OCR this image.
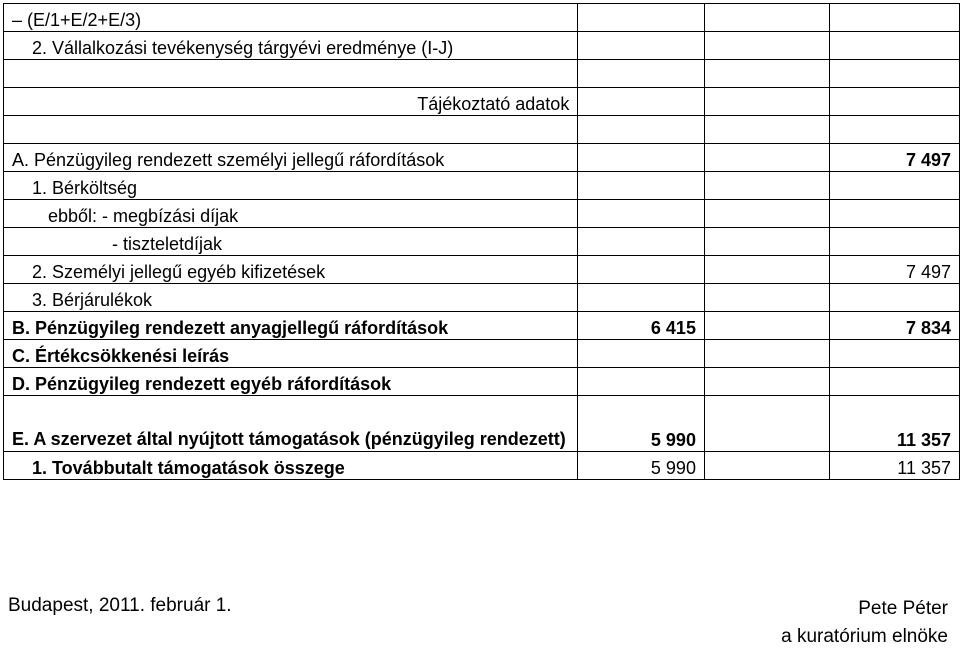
– (E/1+E/2+E/3)			
2. Vállalkozási tevékenység tárgyévi eredménye (I-J)			

Tájékoztató adatok			

A. Pénzügyileg rendezett személyi jellegű ráfordítások			7 497
1. Bérköltség			
ebből: - megbízási díjak			
- tiszteletdíjak			
2. Személyi jellegű egyéb kifizetések			7 497
3. Bérjárulékok			
B. Pénzügyileg rendezett anyagjellegű ráfordítások	6 415		7 834
C. Értékcsökkenési leírás			
D. Pénzügyileg rendezett egyéb ráfordítások			
E. A szervezet által nyújtott támogatások (pénzügyileg rendezett)	5 990		11 357
1. Továbbutalt támogatások összege	5 990		11 357
Budapest, 2011. február 1.	Pete Péter
a kuratórium elnöke
